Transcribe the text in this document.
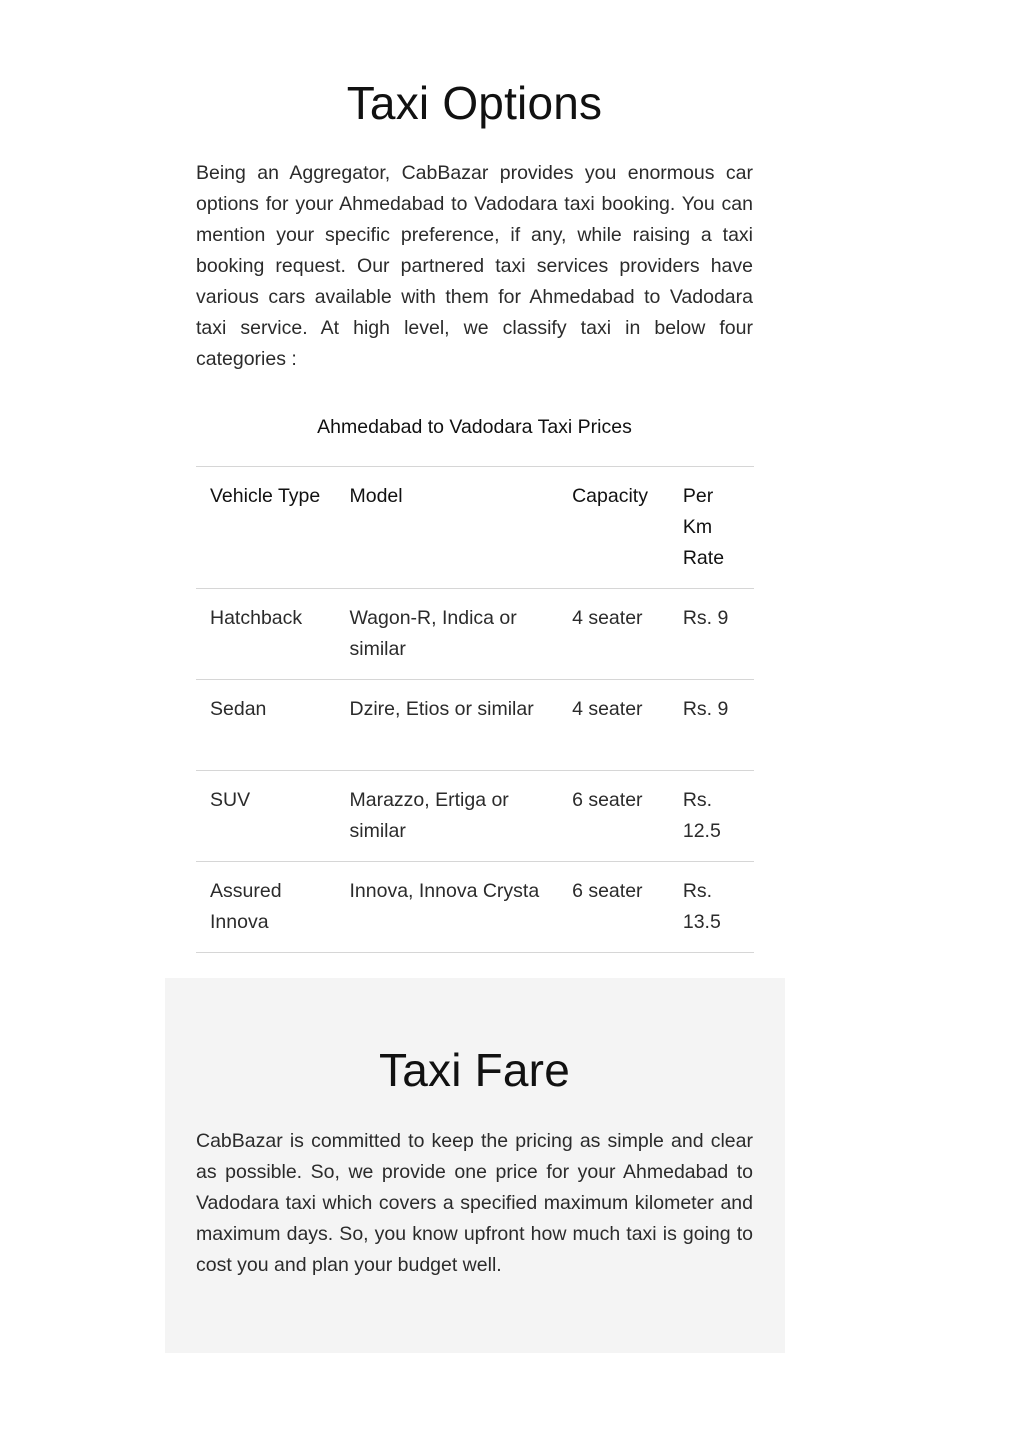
Taxi Options

Being an Aggregator, CabBazar provides you enormous car options for your Ahmedabad to Vadodara taxi booking. You can mention your specific preference, if any, while raising a taxi booking request. Our partnered taxi services providers have various cars available with them for Ahmedabad to Vadodara taxi service. At high level, we classify taxi in below four categories :

Ahmedabad to Vadodara Taxi Prices
Vehicle Type	Model	Capacity	Per Km Rate
Hatchback	Wagon-R, Indica or similar	4 seater	Rs. 9
Sedan	Dzire, Etios or similar	4 seater	Rs. 9
SUV	Marazzo, Ertiga or similar	6 seater	Rs. 12.5
Assured Innova	Innova, Innova Crysta	6 seater	Rs. 13.5
Taxi Fare

CabBazar is committed to keep the pricing as simple and clear as possible. So, we provide one price for your Ahmedabad to Vadodara taxi which covers a specified maximum kilometer and maximum days. So, you know upfront how much taxi is going to cost you and plan your budget well.
